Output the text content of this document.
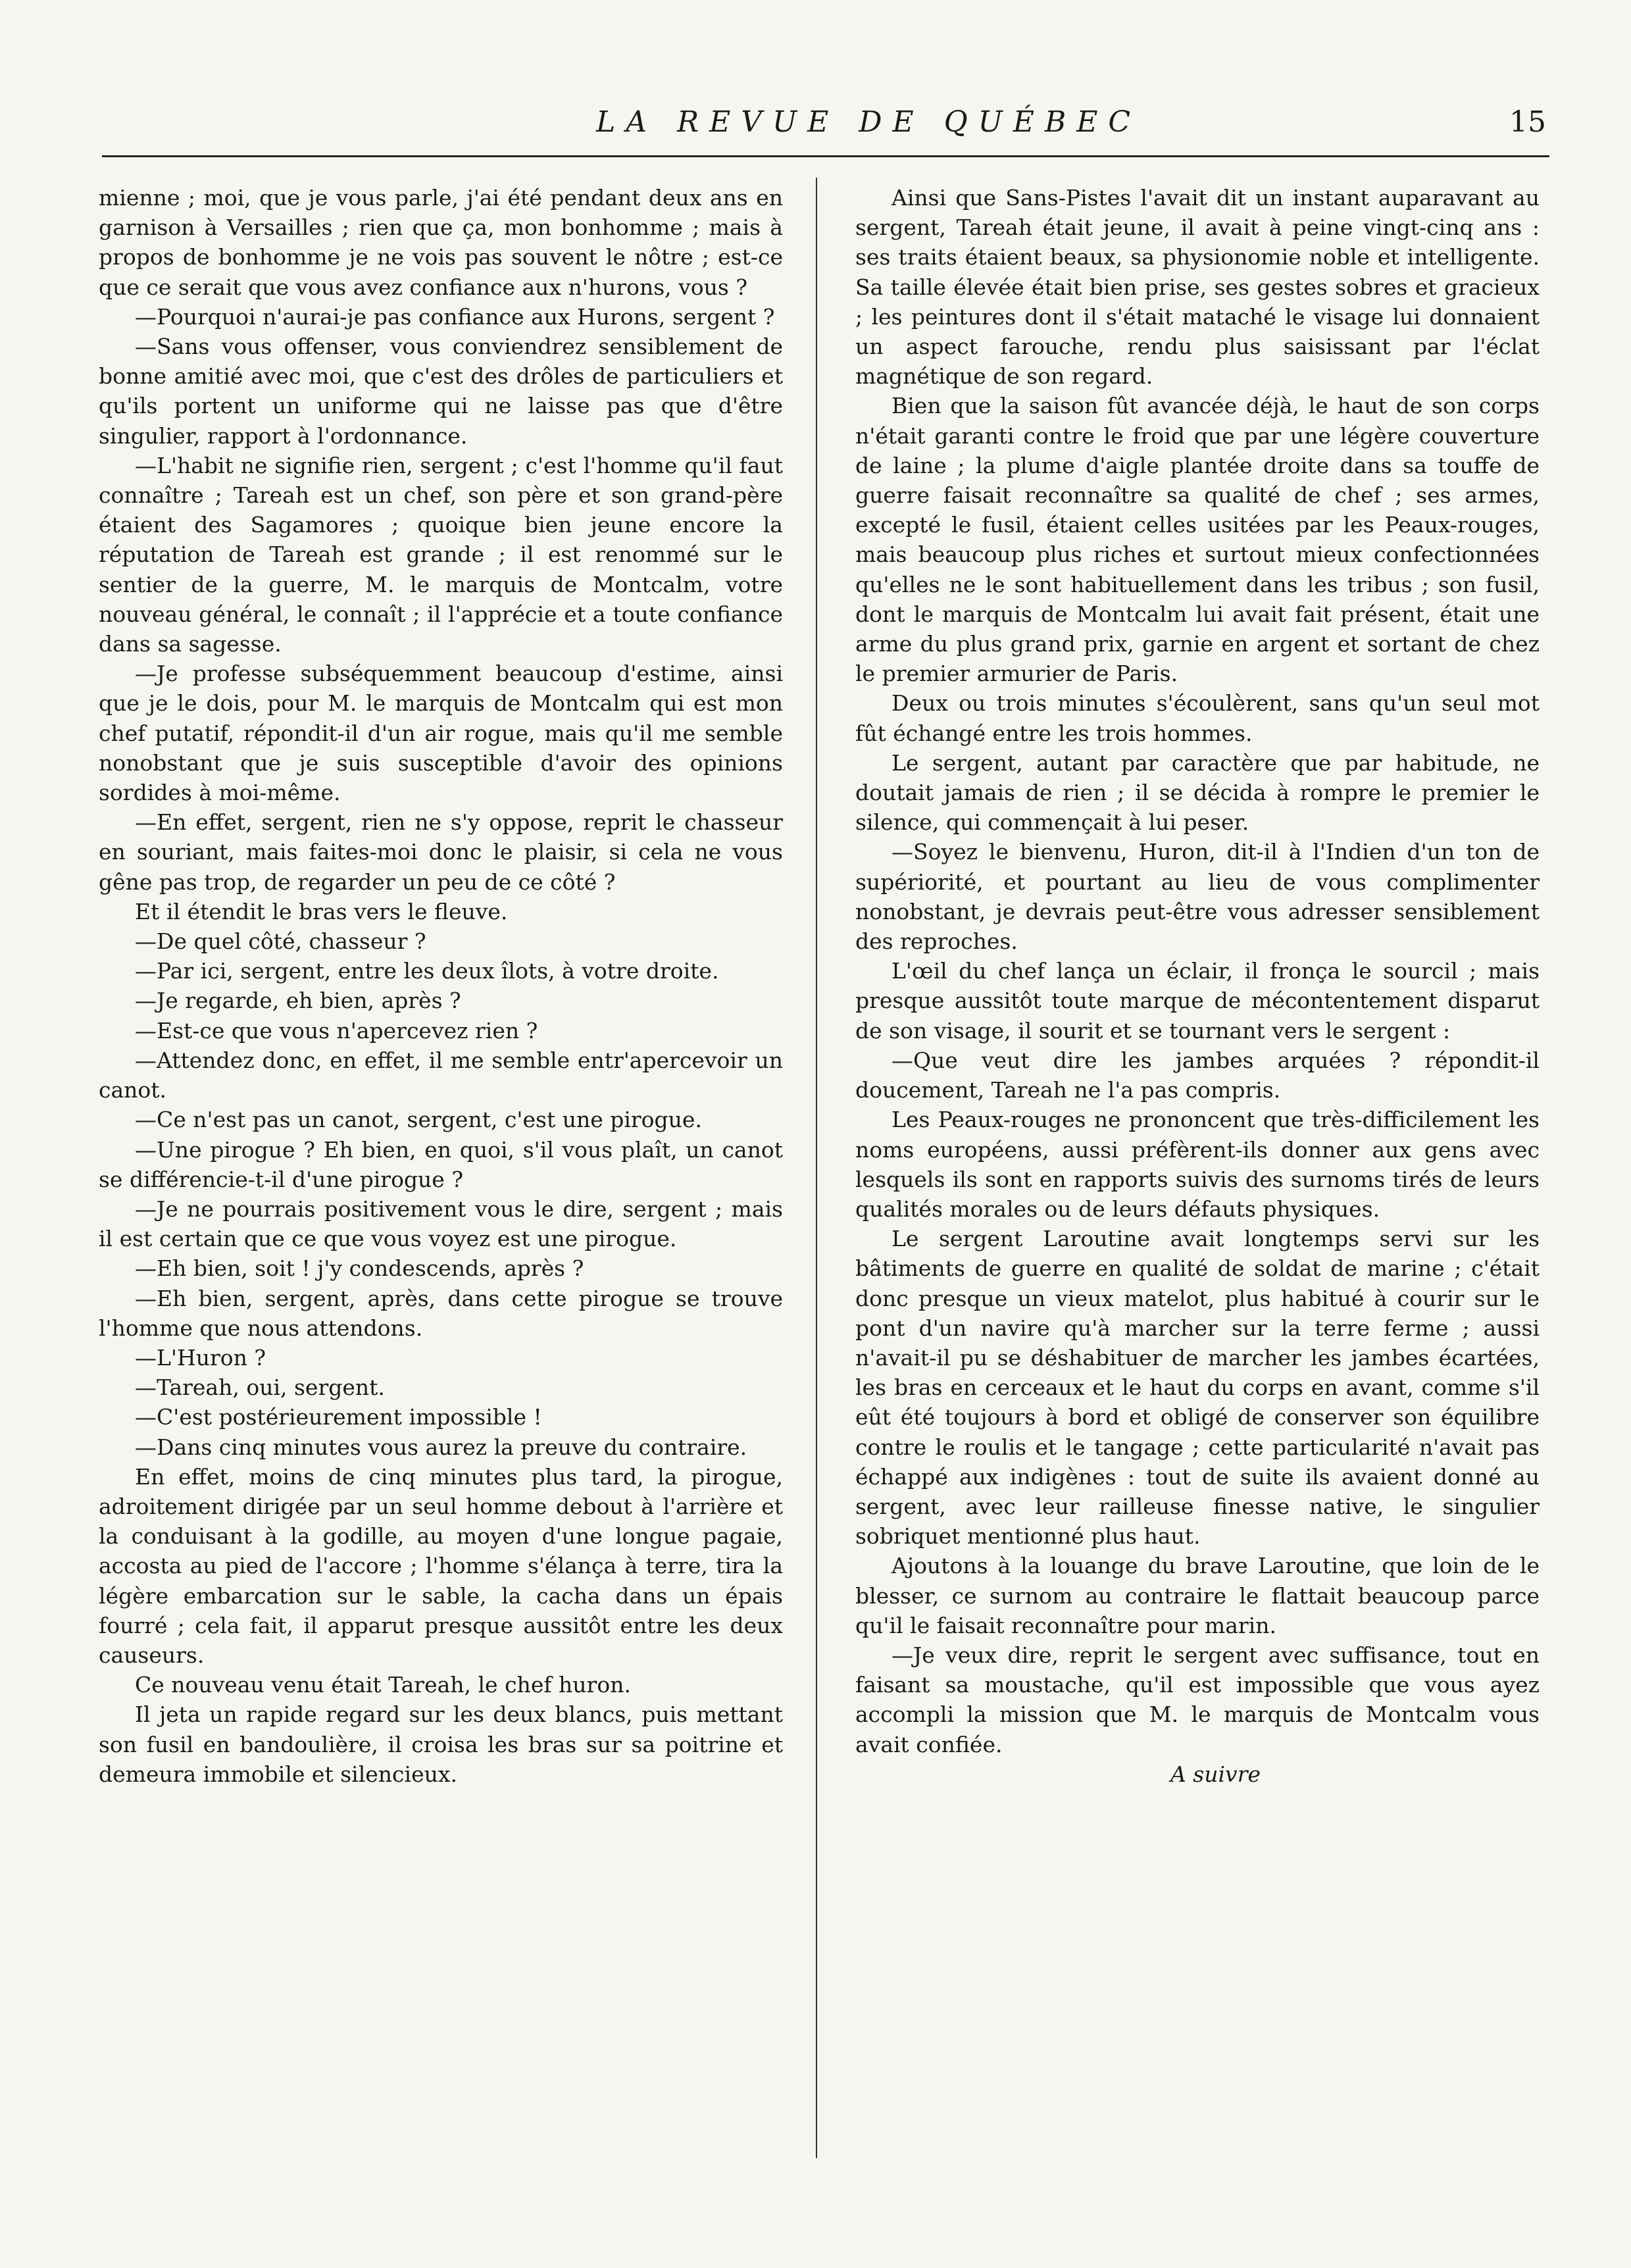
LA REVUE DE QUÉBEC	15

mienne ; moi, que je vous parle, j'ai été pendant deux ans en garnison à Versailles ; rien que ça, mon bonhomme ; mais à propos de bonhomme je ne vois pas souvent le nôtre ; est-ce que ce serait que vous avez confiance aux n'hurons, vous ?

—Pourquoi n'aurai-je pas confiance aux Hurons, sergent ?

—Sans vous offenser, vous conviendrez sensiblement de bonne amitié avec moi, que c'est des drôles de particuliers et qu'ils portent un uniforme qui ne laisse pas que d'être singulier, rapport à l'ordonnance.

—L'habit ne signifie rien, sergent ; c'est l'homme qu'il faut connaître ; Tareah est un chef, son père et son grand-père étaient des Sagamores ; quoique bien jeune encore la réputation de Tareah est grande ; il est renommé sur le sentier de la guerre, M. le marquis de Montcalm, votre nouveau général, le connaît ; il l'apprécie et a toute confiance dans sa sagesse.

—Je professe subséquemment beaucoup d'estime, ainsi que je le dois, pour M. le marquis de Montcalm qui est mon chef putatif, répondit-il d'un air rogue, mais qu'il me semble nonobstant que je suis susceptible d'avoir des opinions sordides à moi-même.

—En effet, sergent, rien ne s'y oppose, reprit le chasseur en souriant, mais faites-moi donc le plaisir, si cela ne vous gêne pas trop, de regarder un peu de ce côté ?

Et il étendit le bras vers le fleuve.

—De quel côté, chasseur ?

—Par ici, sergent, entre les deux îlots, à votre droite.

—Je regarde, eh bien, après ?

—Est-ce que vous n'apercevez rien ?

—Attendez donc, en effet, il me semble entr'apercevoir un canot.

—Ce n'est pas un canot, sergent, c'est une pirogue.

—Une pirogue ? Eh bien, en quoi, s'il vous plaît, un canot se différencie-t-il d'une pirogue ?

—Je ne pourrais positivement vous le dire, sergent ; mais il est certain que ce que vous voyez est une pirogue.

—Eh bien, soit ! j'y condescends, après ?

—Eh bien, sergent, après, dans cette pirogue se trouve l'homme que nous attendons.

—L'Huron ?

—Tareah, oui, sergent.

—C'est postérieurement impossible !

—Dans cinq minutes vous aurez la preuve du contraire.

En effet, moins de cinq minutes plus tard, la pirogue, adroitement dirigée par un seul homme debout à l'arrière et la conduisant à la godille, au moyen d'une longue pagaie, accosta au pied de l'accore ; l'homme s'élança à terre, tira la légère embarcation sur le sable, la cacha dans un épais fourré ; cela fait, il apparut presque aussitôt entre les deux causeurs.

Ce nouveau venu était Tareah, le chef huron.

Il jeta un rapide regard sur les deux blancs, puis mettant son fusil en bandoulière, il croisa les bras sur sa poitrine et demeura immobile et silencieux.

Ainsi que Sans-Pistes l'avait dit un instant auparavant au sergent, Tareah était jeune, il avait à peine vingt-cinq ans : ses traits étaient beaux, sa physionomie noble et intelligente. Sa taille élevée était bien prise, ses gestes sobres et gracieux ; les peintures dont il s'était mataché le visage lui donnaient un aspect farouche, rendu plus saisissant par l'éclat magnétique de son regard.

Bien que la saison fût avancée déjà, le haut de son corps n'était garanti contre le froid que par une légère couverture de laine ; la plume d'aigle plantée droite dans sa touffe de guerre faisait reconnaître sa qualité de chef ; ses armes, excepté le fusil, étaient celles usitées par les Peaux-rouges, mais beaucoup plus riches et surtout mieux confectionnées qu'elles ne le sont habituellement dans les tribus ; son fusil, dont le marquis de Montcalm lui avait fait présent, était une arme du plus grand prix, garnie en argent et sortant de chez le premier armurier de Paris.

Deux ou trois minutes s'écoulèrent, sans qu'un seul mot fût échangé entre les trois hommes.

Le sergent, autant par caractère que par habitude, ne doutait jamais de rien ; il se décida à rompre le premier le silence, qui commençait à lui peser.

—Soyez le bienvenu, Huron, dit-il à l'Indien d'un ton de supériorité, et pourtant au lieu de vous complimenter nonobstant, je devrais peut-être vous adresser sensiblement des reproches.

L'œil du chef lança un éclair, il fronça le sourcil ; mais presque aussitôt toute marque de mécontentement disparut de son visage, il sourit et se tournant vers le sergent :

—Que veut dire les jambes arquées ? répondit-il doucement, Tareah ne l'a pas compris.

Les Peaux-rouges ne prononcent que très-difficilement les noms européens, aussi préfèrent-ils donner aux gens avec lesquels ils sont en rapports suivis des surnoms tirés de leurs qualités morales ou de leurs défauts physiques.

Le sergent Laroutine avait longtemps servi sur les bâtiments de guerre en qualité de soldat de marine ; c'était donc presque un vieux matelot, plus habitué à courir sur le pont d'un navire qu'à marcher sur la terre ferme ; aussi n'avait-il pu se déshabituer de marcher les jambes écartées, les bras en cerceaux et le haut du corps en avant, comme s'il eût été toujours à bord et obligé de conserver son équilibre contre le roulis et le tangage ; cette particularité n'avait pas échappé aux indigènes : tout de suite ils avaient donné au sergent, avec leur railleuse finesse native, le singulier sobriquet mentionné plus haut.

Ajoutons à la louange du brave Laroutine, que loin de le blesser, ce surnom au contraire le flattait beaucoup parce qu'il le faisait reconnaître pour marin.

—Je veux dire, reprit le sergent avec suffisance, tout en faisant sa moustache, qu'il est impossible que vous ayez accompli la mission que M. le marquis de Montcalm vous avait confiée.

A suivre
